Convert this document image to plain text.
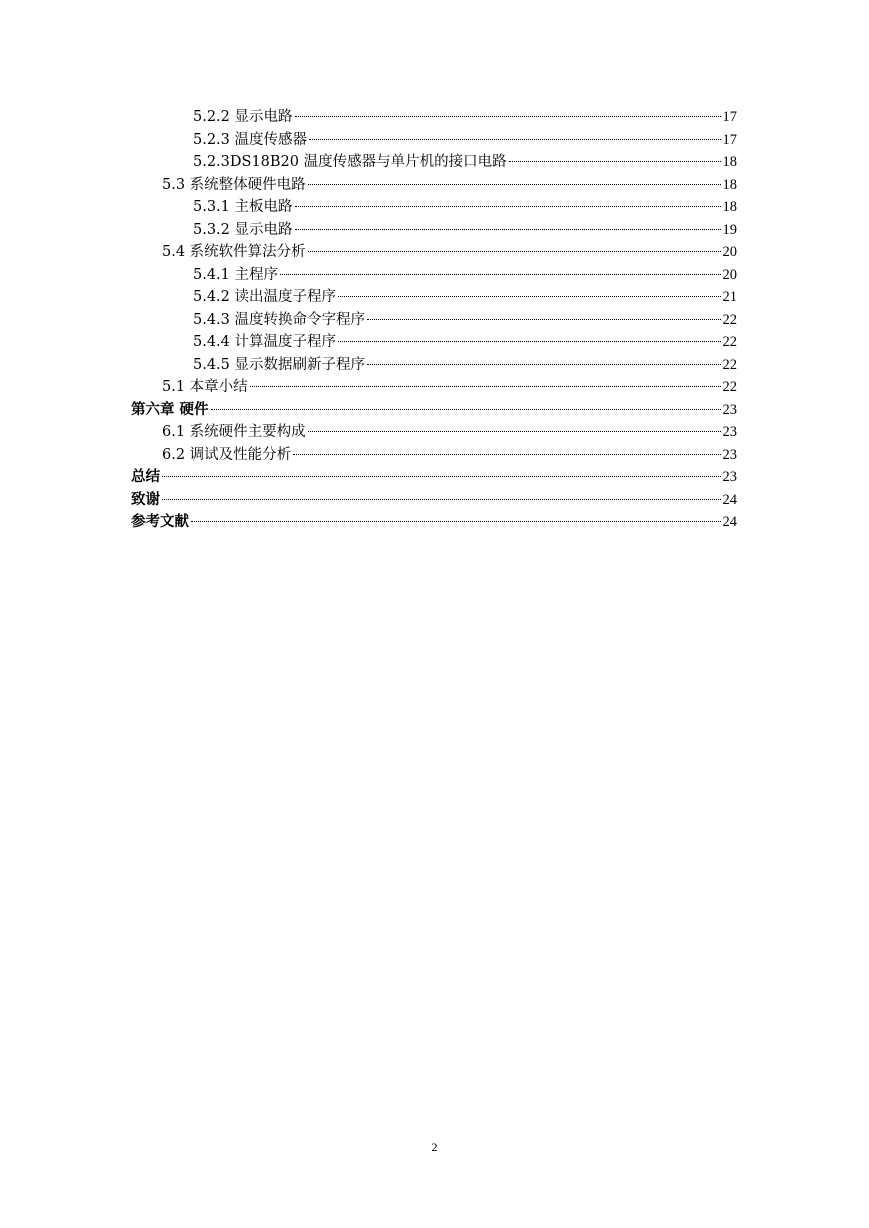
5.2.2 显示电路	17
5.2.3 温度传感器	17
5.2.3DS18B20 温度传感器与单片机的接口电路	18
5.3 系统整体硬件电路	18
5.3.1 主板电路	18
5.3.2 显示电路	19
5.4 系统软件算法分析	20
5.4.1 主程序	20
5.4.2 读出温度子程序	21
5.4.3 温度转换命令字程序	22
5.4.4 计算温度子程序	22
5.4.5 显示数据刷新子程序	22
5.1 本章小结	22
第六章 硬件	23
6.1 系统硬件主要构成	23
6.2 调试及性能分析	23
总结	23
致谢	24
参考文献	24
2
